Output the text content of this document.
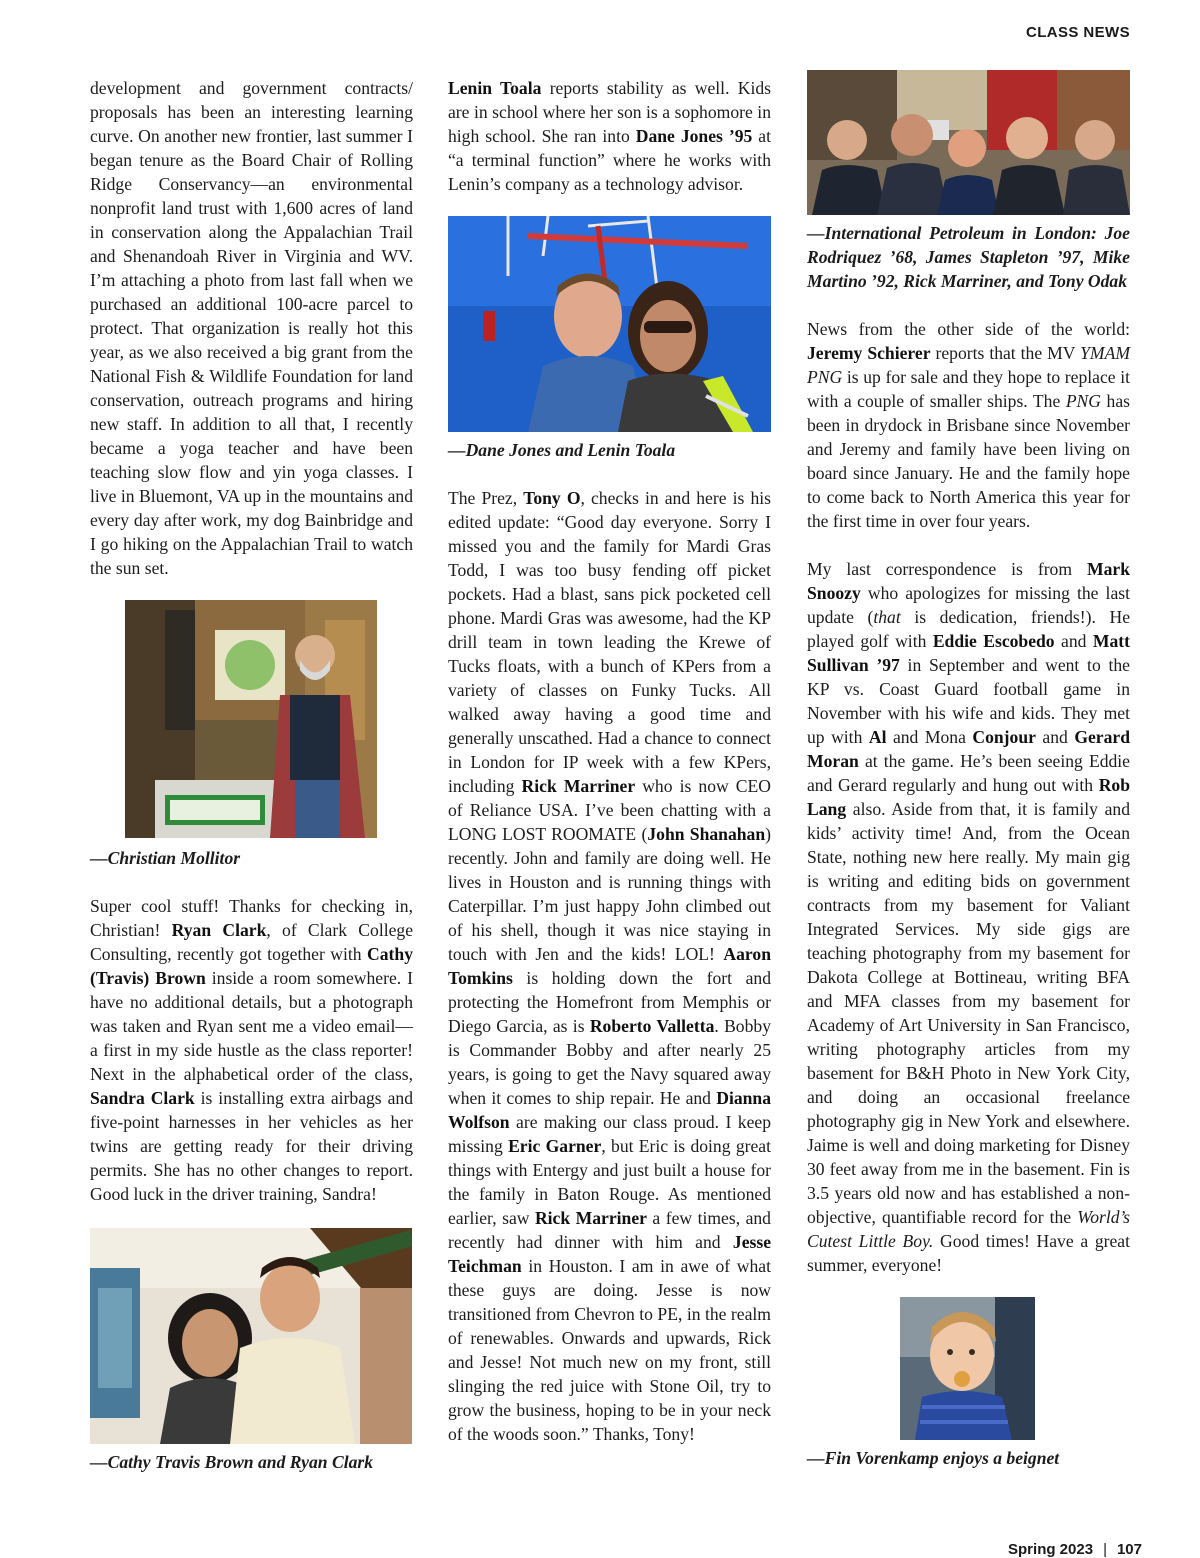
CLASS NEWS

development and government contracts/ proposals has been an interesting learning curve. On another new frontier, last summer I began tenure as the Board Chair of Rolling Ridge Conservancy—an environmental nonprofit land trust with 1,600 acres of land in conservation along the Appalachian Trail and Shenandoah River in Virginia and WV. I’m attaching a photo from last fall when we purchased an additional 100-acre parcel to protect. That organization is really hot this year, as we also received a big grant from the National Fish & Wildlife Foundation for land conservation, outreach programs and hiring new staff. In addition to all that, I recently became a yoga teacher and have been teaching slow flow and yin yoga classes. I live in Bluemont, VA up in the mountains and every day after work, my dog Bainbridge and I go hiking on the Appalachian Trail to watch the sun set.

—Christian Mollitor

Super cool stuff! Thanks for checking in, Christian! Ryan Clark, of Clark College Consulting, recently got together with Cathy (Travis) Brown inside a room somewhere. I have no additional details, but a photograph was taken and Ryan sent me a video email—a first in my side hustle as the class reporter! Next in the alphabetical order of the class, Sandra Clark is installing extra airbags and five-point harnesses in her vehicles as her twins are getting ready for their driving permits. She has no other changes to report. Good luck in the driver training, Sandra!

—Cathy Travis Brown and Ryan Clark

Lenin Toala reports stability as well. Kids are in school where her son is a sophomore in high school. She ran into Dane Jones ’95 at “a terminal function” where he works with Lenin’s company as a technology advisor.

—Dane Jones and Lenin Toala

The Prez, Tony O, checks in and here is his edited update: “Good day everyone. Sorry I missed you and the family for Mardi Gras Todd, I was too busy fending off picket pockets. Had a blast, sans pick pocketed cell phone. Mardi Gras was awesome, had the KP drill team in town leading the Krewe of Tucks floats, with a bunch of KPers from a variety of classes on Funky Tucks. All walked away having a good time and generally unscathed. Had a chance to connect in London for IP week with a few KPers, including Rick Marriner who is now CEO of Reliance USA. I’ve been chatting with a LONG LOST ROOMATE (John Shanahan) recently. John and family are doing well. He lives in Houston and is running things with Caterpillar. I’m just happy John climbed out of his shell, though it was nice staying in touch with Jen and the kids! LOL! Aaron Tomkins is holding down the fort and protecting the Homefront from Memphis or Diego Garcia, as is Roberto Valletta. Bobby is Commander Bobby and after nearly 25 years, is going to get the Navy squared away when it comes to ship repair. He and Dianna Wolfson are making our class proud. I keep missing Eric Garner, but Eric is doing great things with Entergy and just built a house for the family in Baton Rouge. As mentioned earlier, saw Rick Marriner a few times, and recently had dinner with him and Jesse Teichman in Houston. I am in awe of what these guys are doing. Jesse is now transitioned from Chevron to PE, in the realm of renewables. Onwards and upwards, Rick and Jesse! Not much new on my front, still slinging the red juice with Stone Oil, try to grow the business, hoping to be in your neck of the woods soon.” Thanks, Tony!

—International Petroleum in London: Joe Rodriquez ’68, James Stapleton ’97, Mike Martino ’92, Rick Marriner, and Tony Odak

News from the other side of the world: Jeremy Schierer reports that the MV YMAM PNG is up for sale and they hope to replace it with a couple of smaller ships. The PNG has been in drydock in Brisbane since November and Jeremy and family have been living on board since January. He and the family hope to come back to North America this year for the first time in over four years.

My last correspondence is from Mark Snoozy who apologizes for missing the last update (that is dedication, friends!). He played golf with Eddie Escobedo and Matt Sullivan ’97 in September and went to the KP vs. Coast Guard football game in November with his wife and kids. They met up with Al and Mona Conjour and Gerard Moran at the game. He’s been seeing Eddie and Gerard regularly and hung out with Rob Lang also. Aside from that, it is family and kids’ activity time! And, from the Ocean State, nothing new here really. My main gig is writing and editing bids on government contracts from my basement for Valiant Integrated Services. My side gigs are teaching photography from my basement for Dakota College at Bottineau, writing BFA and MFA classes from my basement for Academy of Art University in San Francisco, writing photography articles from my basement for B&H Photo in New York City, and doing an occasional freelance photography gig in New York and elsewhere. Jaime is well and doing marketing for Disney 30 feet away from me in the basement. Fin is 3.5 years old now and has established a non-objective, quantifiable record for the World’s Cutest Little Boy. Good times! Have a great summer, everyone!

—Fin Vorenkamp enjoys a beignet

Spring 2023 | 107
